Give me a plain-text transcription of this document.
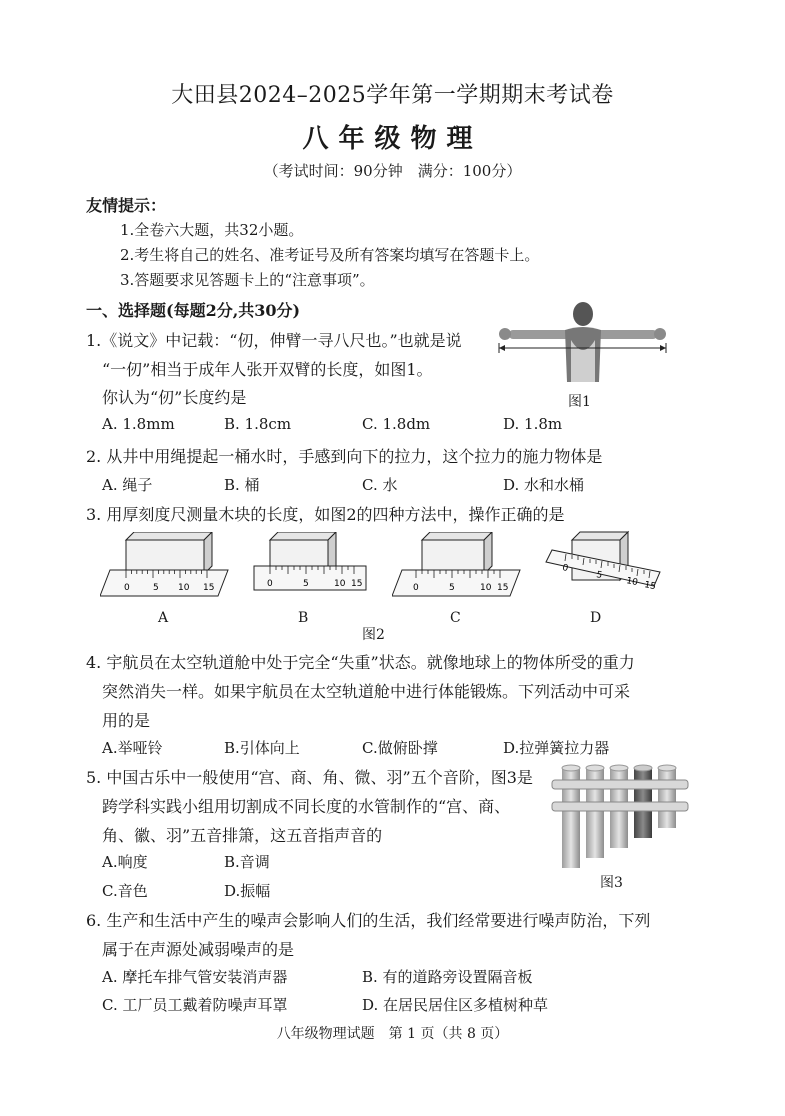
大田县2024–2025学年第一学期期末考试卷
八年级物理
（考试时间：90分钟　满分：100分）
友情提示：
1.全卷六大题，共32小题。
2.考生将自己的姓名、准考证号及所有答案均填写在答题卡上。
3.答题要求见答题卡上的“注意事项”。
一、选择题(每题2分,共30分)
1.《说文》中记载：“仞，伸臂一寻八尺也。”也就是说
“一仞”相当于成年人张开双臂的长度，如图1。
你认为“仞”长度约是
A. 1.8mm	B. 1.8cm	C. 1.8dm	D. 1.8m
图1
2. 从井中用绳提起一桶水时，手感到向下的拉力，这个拉力的施力物体是
A. 绳子	B. 桶	C. 水	D. 水和水桶
3. 用厚刻度尺测量木块的长度，如图2的四种方法中，操作正确的是
0	5 10 15
A
0	5	10 15
B
0	5	10 15
C
0
5
10 15
D
图2
4. 宇航员在太空轨道舱中处于完全“失重”状态。就像地球上的物体所受的重力
突然消失一样。如果宇航员在太空轨道舱中进行体能锻炼。下列活动中可采
用的是
A.举哑铃	B.引体向上	C.做俯卧撑	D.拉弹簧拉力器
5. 中国古乐中一般使用“宫、商、角、微、羽”五个音阶，图3是
跨学科实践小组用切割成不同长度的水管制作的“宫、商、
角、徽、羽”五音排箫，这五音指声音的
A.响度	B.音调
C.音色	D.振幅	图3
6. 生产和生活中产生的噪声会影响人们的生活，我们经常要进行噪声防治，下列
属于在声源处减弱噪声的是
A. 摩托车排气管安装消声器	B. 有的道路旁设置隔音板
C. 工厂员工戴着防噪声耳罩	D. 在居民居住区多植树种草
八年级物理试题　第 1 页（共 8 页）
